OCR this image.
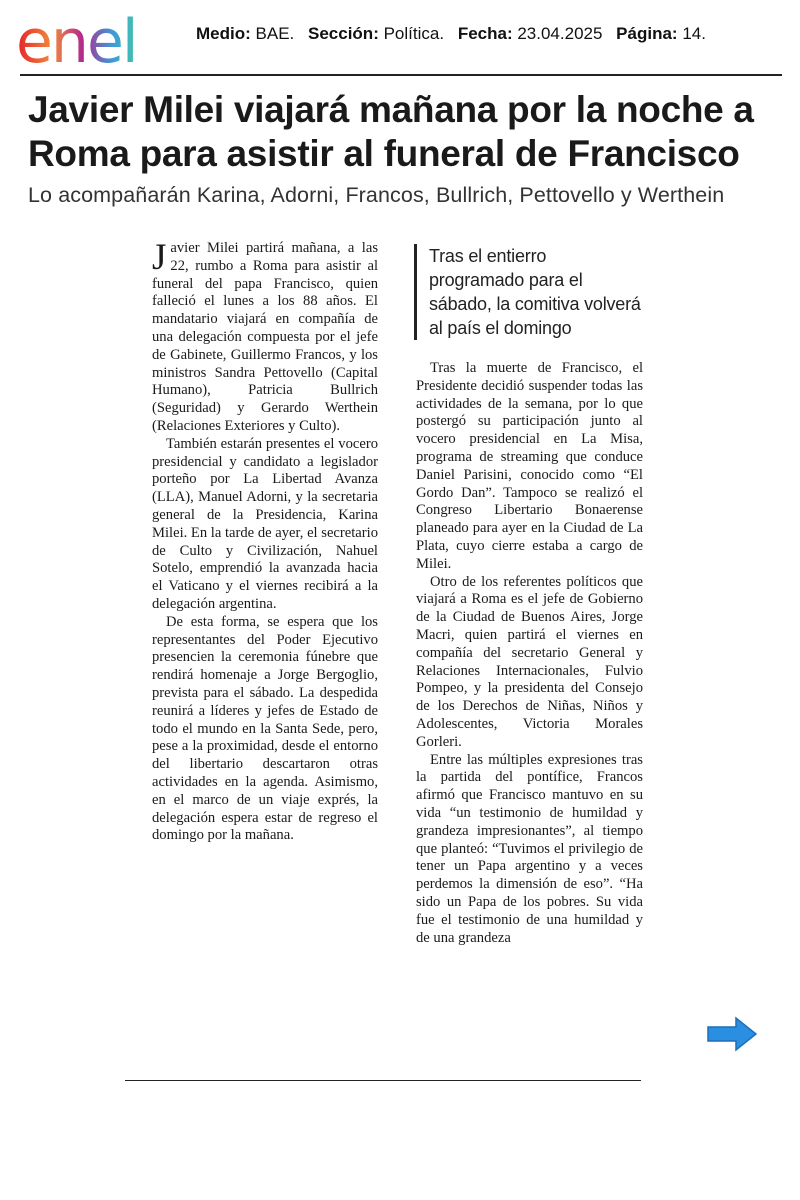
enel	Medio: BAE. Sección: Política. Fecha: 23.04.2025 Página: 14.
Javier Milei viajará mañana por la noche a Roma para asistir al funeral de Francisco
Lo acompañarán Karina, Adorni, Francos, Bullrich, Pettovello y Werthein

Javier Milei partirá mañana, a las 22, rumbo a Roma para asistir al funeral del papa Francisco, quien falleció el lunes a los 88 años. El mandatario viajará en compañía de una delegación compuesta por el jefe de Gabinete, Guillermo Francos, y los ministros Sandra Pettovello (Capital Humano), Patricia Bullrich (Seguridad) y Gerardo Werthein (Relaciones Exteriores y Culto).

También estarán presentes el vocero presidencial y candidato a legislador porteño por La Libertad Avanza (LLA), Manuel Adorni, y la secretaria general de la Presidencia, Karina Milei. En la tarde de ayer, el secretario de Culto y Civilización, Nahuel Sotelo, emprendió la avanzada hacia el Vaticano y el viernes recibirá a la delegación argentina.

De esta forma, se espera que los representantes del Poder Ejecutivo presencien la ceremonia fúnebre que rendirá homenaje a Jorge Bergoglio, prevista para el sábado. La despedida reunirá a líderes y jefes de Estado de todo el mundo en la Santa Sede, pero, pese a la proximidad, desde el entorno del libertario descartaron otras actividades en la agenda. Asimismo, en el marco de un viaje exprés, la delegación espera estar de regreso el domingo por la mañana.

Tras el entierro programado para el sábado, la comitiva volverá al país el domingo

Tras la muerte de Francisco, el Presidente decidió suspender todas las actividades de la semana, por lo que postergó su participación junto al vocero presidencial en La Misa, programa de streaming que conduce Daniel Parisini, conocido como “El Gordo Dan”. Tampoco se realizó el Congreso Libertario Bonaerense planeado para ayer en la Ciudad de La Plata, cuyo cierre estaba a cargo de Milei.

Otro de los referentes políticos que viajará a Roma es el jefe de Gobierno de la Ciudad de Buenos Aires, Jorge Macri, quien partirá el viernes en compañía del secretario General y Relaciones Internacionales, Fulvio Pompeo, y la presidenta del Consejo de los Derechos de Niñas, Niños y Adolescentes, Victoria Morales Gorleri.

Entre las múltiples expresiones tras la partida del pontífice, Francos afirmó que Francisco mantuvo en su vida “un testimonio de humildad y grandeza impresionantes”, al tiempo que planteó: “Tuvimos el privilegio de tener un Papa argentino y a veces perdemos la dimensión de eso”. “Ha sido un Papa de los pobres. Su vida fue el testimonio de una humildad y de una grandeza
